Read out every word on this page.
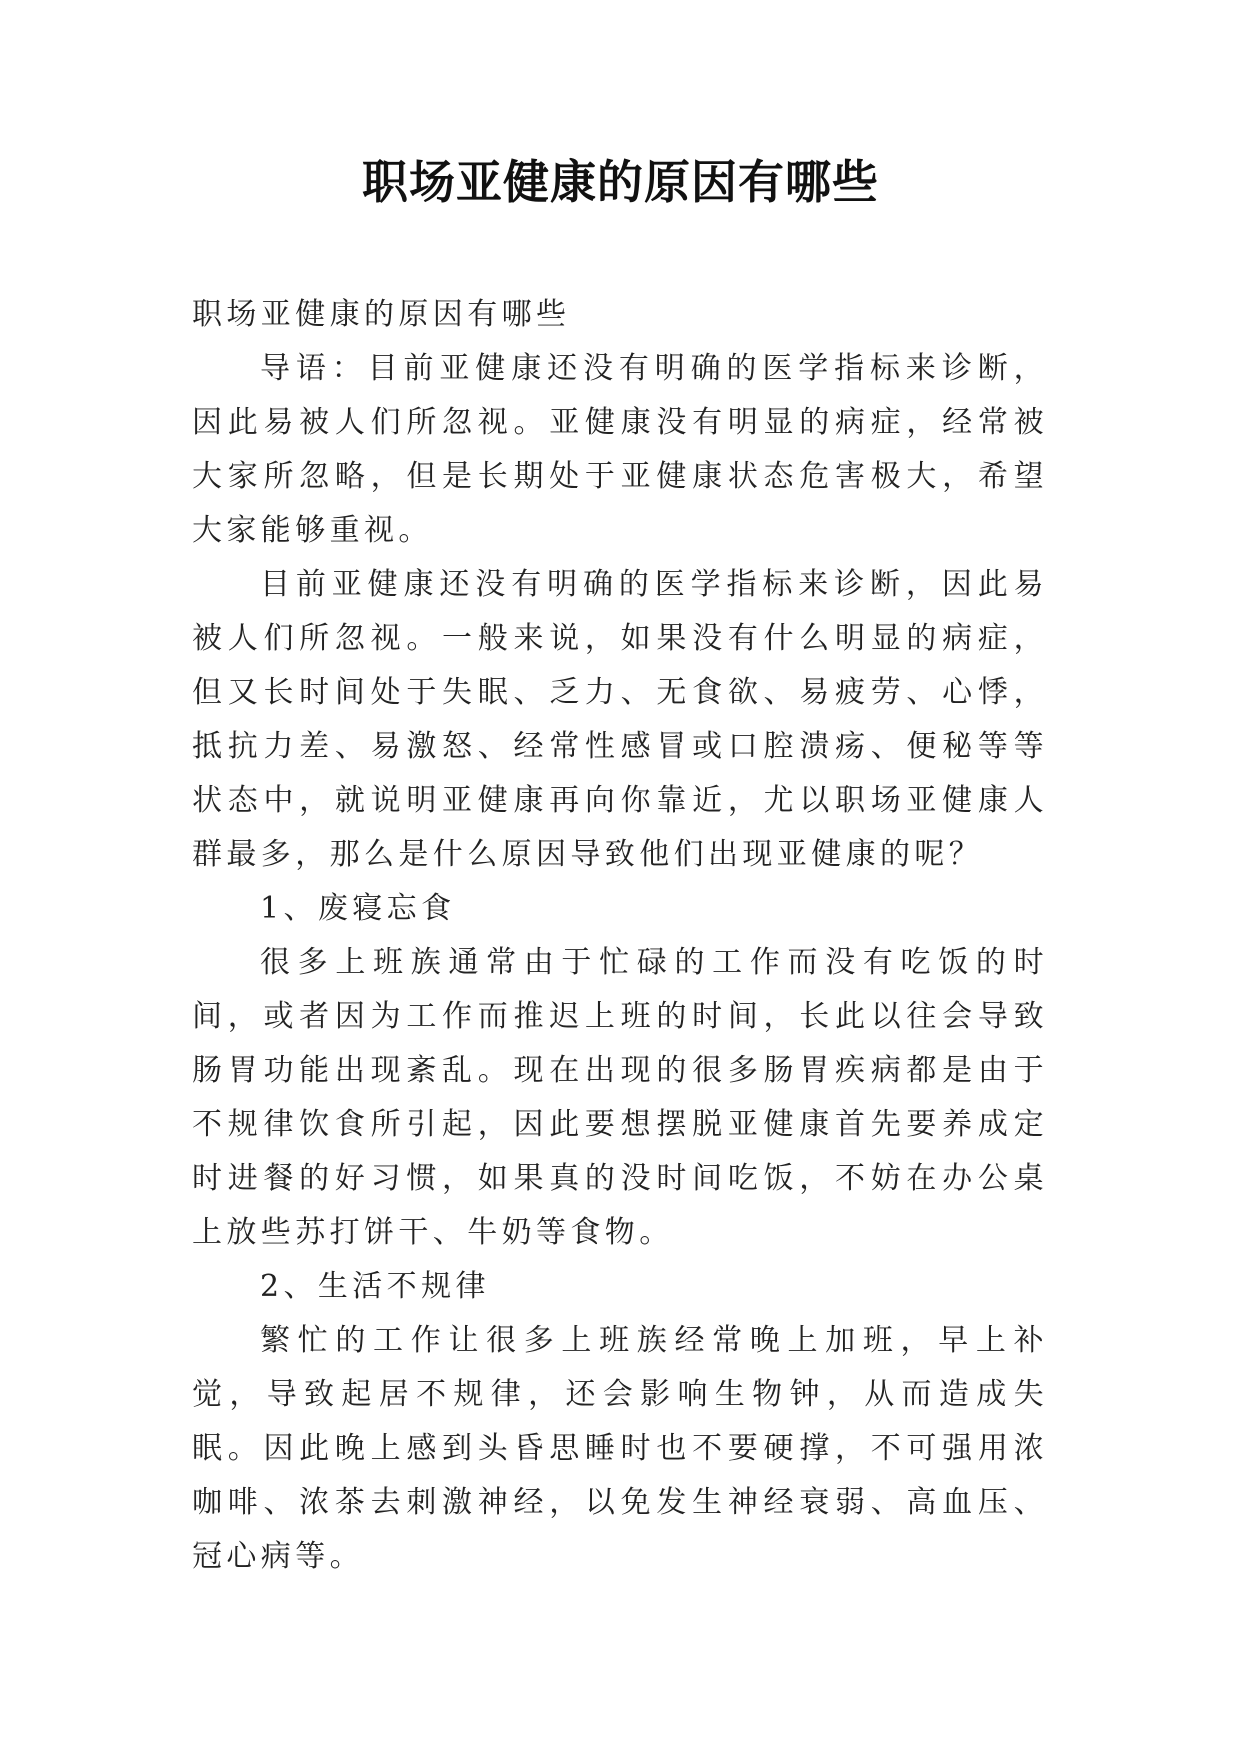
职场亚健康的原因有哪些

职场亚健康的原因有哪些

导语：目前亚健康还没有明确的医学指标来诊断，因此易被人们所忽视。亚健康没有明显的病症，经常被大家所忽略，但是长期处于亚健康状态危害极大，希望大家能够重视。

目前亚健康还没有明确的医学指标来诊断，因此易被人们所忽视。一般来说，如果没有什么明显的病症，但又长时间处于失眠、乏力、无食欲、易疲劳、心悸，抵抗力差、易激怒、经常性感冒或口腔溃疡、便秘等等状态中，就说明亚健康再向你靠近，尤以职场亚健康人群最多，那么是什么原因导致他们出现亚健康的呢？

1、废寝忘食

很多上班族通常由于忙碌的工作而没有吃饭的时间，或者因为工作而推迟上班的时间，长此以往会导致肠胃功能出现紊乱。现在出现的很多肠胃疾病都是由于不规律饮食所引起，因此要想摆脱亚健康首先要养成定时进餐的好习惯，如果真的没时间吃饭，不妨在办公桌上放些苏打饼干、牛奶等食物。

2、生活不规律

繁忙的工作让很多上班族经常晚上加班，早上补觉，导致起居不规律，还会影响生物钟，从而造成失眠。因此晚上感到头昏思睡时也不要硬撑，不可强用浓咖啡、浓茶去刺激神经，以免发生神经衰弱、高血压、冠心病等。
